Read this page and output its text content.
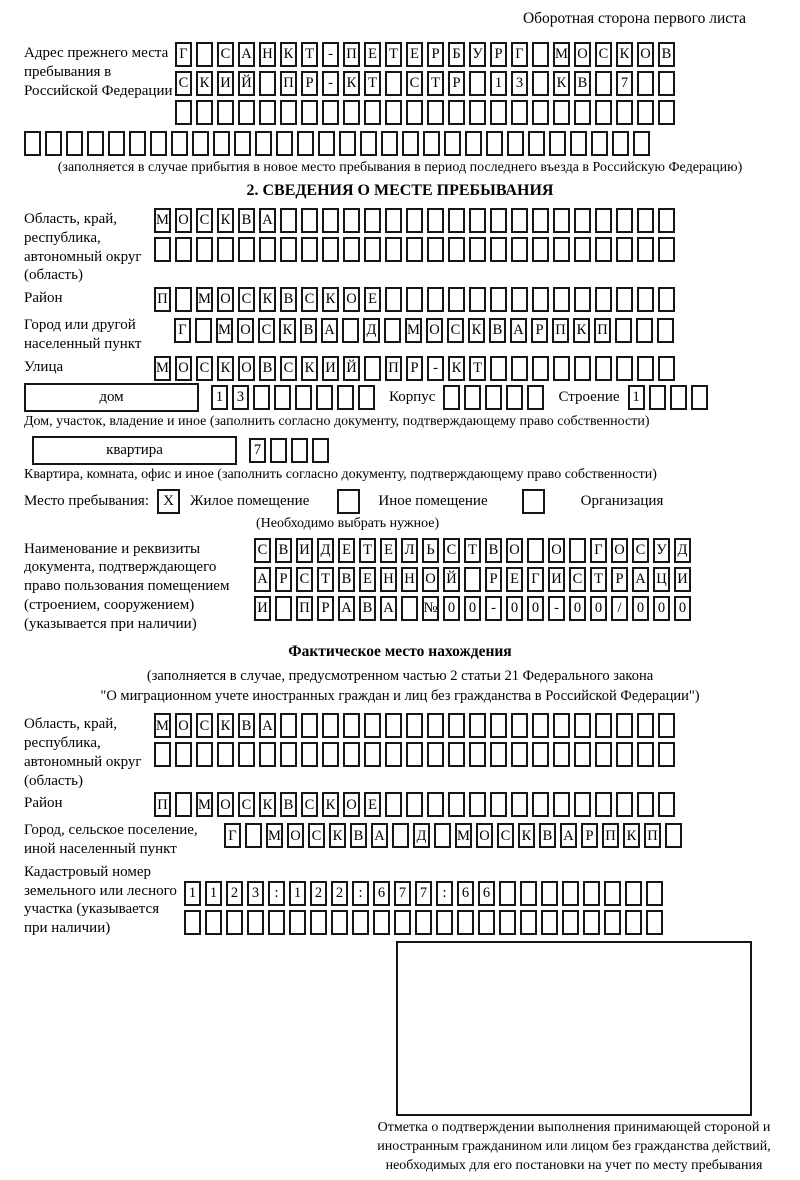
Оборотная сторона первого листа
Адрес прежнего места пребывания в Российской Федерации
Г С А Н К Т - П Е Т Е Р Б У Р Г М О С К О В
С К И Й П Р	- К Т С Т Р	1 3	К В	7
(заполняется в случае прибытия в новое место пребывания в период последнего въезда в Российскую Федерацию)
2. СВЕДЕНИЯ О МЕСТЕ ПРЕБЫВАНИЯ
Область, край, республика, автономный округ (область)
М О С К В А
Район	П М О С К В С К О Е
Город или другой населенный пункт
Г М О С К В А Д М О С К В А Р П К П
Улица	М О С К О В С К И Й П Р	- К Т
дом	1 3	Корпус	Строение 1
Дом, участок, владение и иное (заполнить согласно документу, подтверждающему право собственности)
квартира	7
Квартира, комната, офис и иное (заполнить согласно документу, подтверждающему право собственности)
Место пребывания: X	Жилое помещение	Иное помещение	Организация
(Необходимо выбрать нужное)
Наименование и реквизиты документа, подтверждающего право пользования помещением (строением, сооружением) (указывается при наличии)
С В И Д Е Т Е Л Ь С Т В О О Г О С У Д
А Р С Т В Е Н Н О Й	Р Е Г И С Т Р А Ц И
И П Р А В А № 0 0	-	0 0	-	0 0	/	0 0 0
Фактическое место нахождения
(заполняется в случае, предусмотренном частью 2 статьи 21 Федерального закона
"О миграционном учете иностранных граждан и лиц без гражданства в Российской Федерации")
Область, край, республика, автономный округ (область)
М О С К В А
Район	П М О С К В С К О Е
Город, сельское поселение, иной населенный пункт
Г М О С К В А Д М О С К В А Р П К П
Кадастровый номер земельного или лесного участка (указывается при наличии)
1 1 2 3	:	1 2 2	:	6 7 7	:	6 6
Отметка о подтверждении выполнения принимающей стороной и иностранным гражданином или лицом без гражданства действий, необходимых для его постановки на учет по месту пребывания
